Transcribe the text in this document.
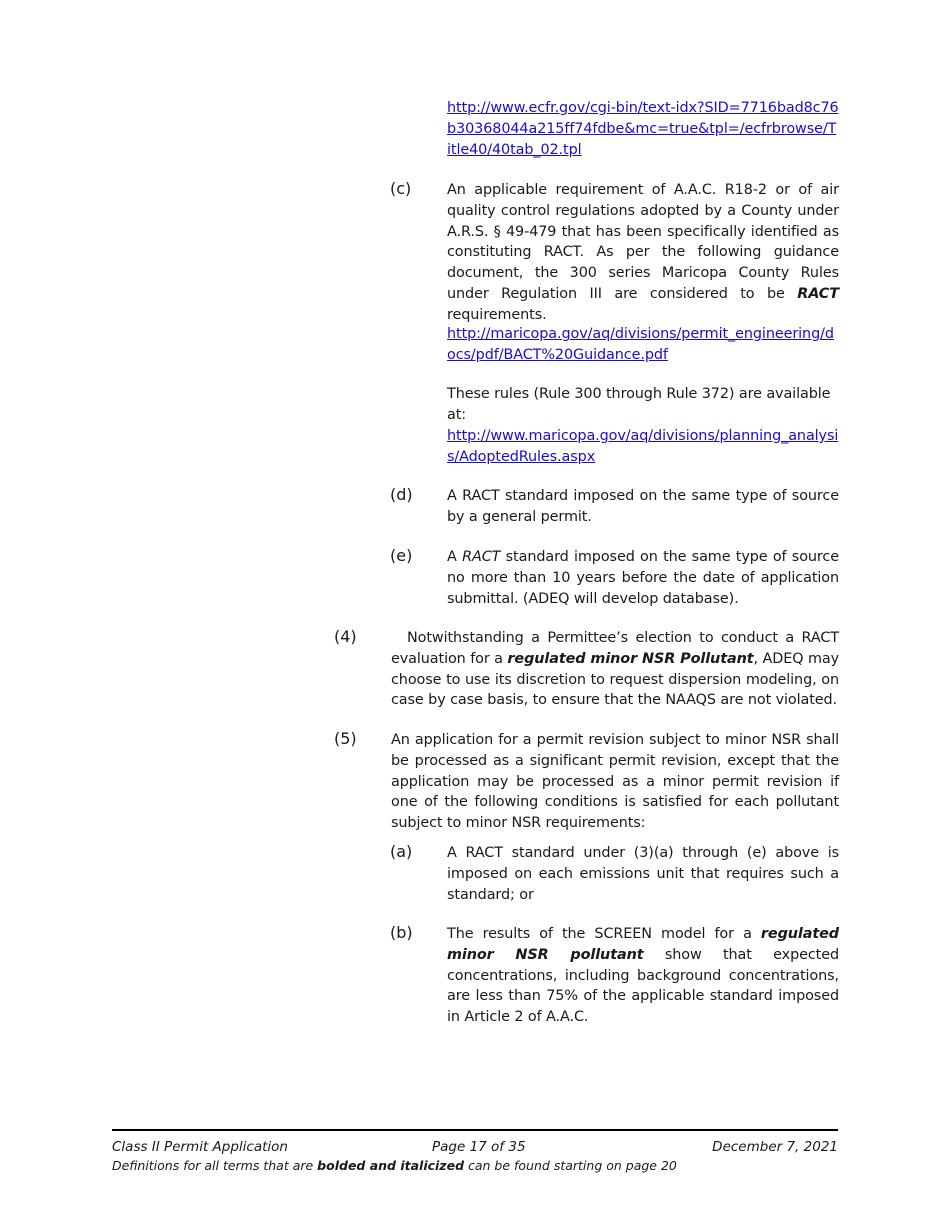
http://www.ecfr.gov/cgi-bin/text-idx?SID=7716bad8c76b30368044a215ff74fdbe&mc=true&tpl=/ecfrbrowse/Title40/40tab_02.tpl
(c) An applicable requirement of A.A.C. R18-2 or of air quality control regulations adopted by a County under A.R.S. § 49-479 that has been specifically identified as constituting RACT. As per the following guidance document, the 300 series Maricopa County Rules under Regulation III are considered to be RACT requirements.
http://maricopa.gov/aq/divisions/permit_engineering/docs/pdf/BACT%20Guidance.pdf
These rules (Rule 300 through Rule 372) are available at:
http://www.maricopa.gov/aq/divisions/planning_analysis/AdoptedRules.aspx
(d) A RACT standard imposed on the same type of source by a general permit.
(e) A RACT standard imposed on the same type of source no more than 10 years before the date of application submittal. (ADEQ will develop database).
(4)	Notwithstanding a Permittee’s election to conduct a RACT evaluation for a regulated minor NSR Pollutant, ADEQ may choose to use its discretion to request dispersion modeling, on case by case basis, to ensure that the NAAQS are not violated.
(5) An application for a permit revision subject to minor NSR shall be processed as a significant permit revision, except that the application may be processed as a minor permit revision if one of the following conditions is satisfied for each pollutant subject to minor NSR requirements:
(a) A RACT standard under (3)(a) through (e) above is imposed on each emissions unit that requires such a standard; or
(b) The results of the SCREEN model for a regulated minor NSR pollutant show that expected concentrations, including background concentrations, are less than 75% of the applicable standard imposed in Article 2 of A.A.C.
Class II Permit Application	Page 17 of 35	December 7, 2021
Definitions for all terms that are bolded and italicized can be found starting on page 20
